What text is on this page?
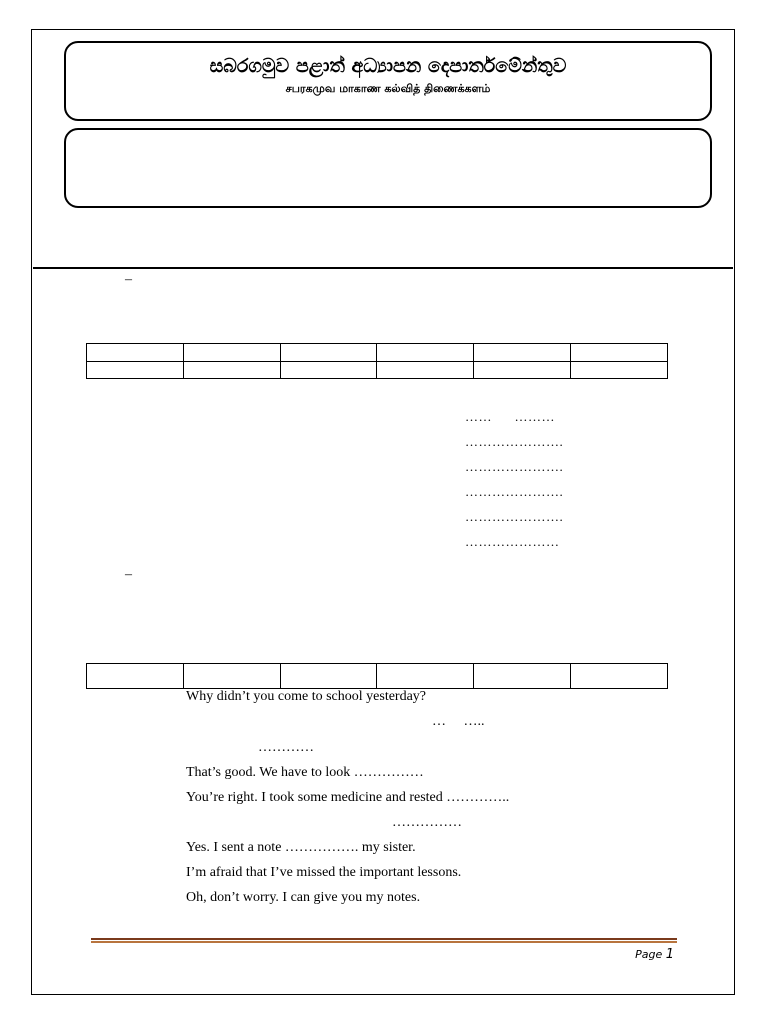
සබරගමුව පළාත් අධ්‍යාපන දෙපාර්තමේන්තුව
சபரகமுவ மாகாண கல்வித் திணைக்களம்
–

……      ………
………………….
………………….
………………….
………………….
…………………
–

Why didn’t you come to school yesterday?
…     …..
…………
That’s good. We have to look ……………
You’re right. I took some medicine and rested …………..
……………
Yes. I sent a note ……………. my sister.
I’m afraid that I’ve missed the important lessons.
Oh, don’t worry. I can give you my notes.
Page 1
